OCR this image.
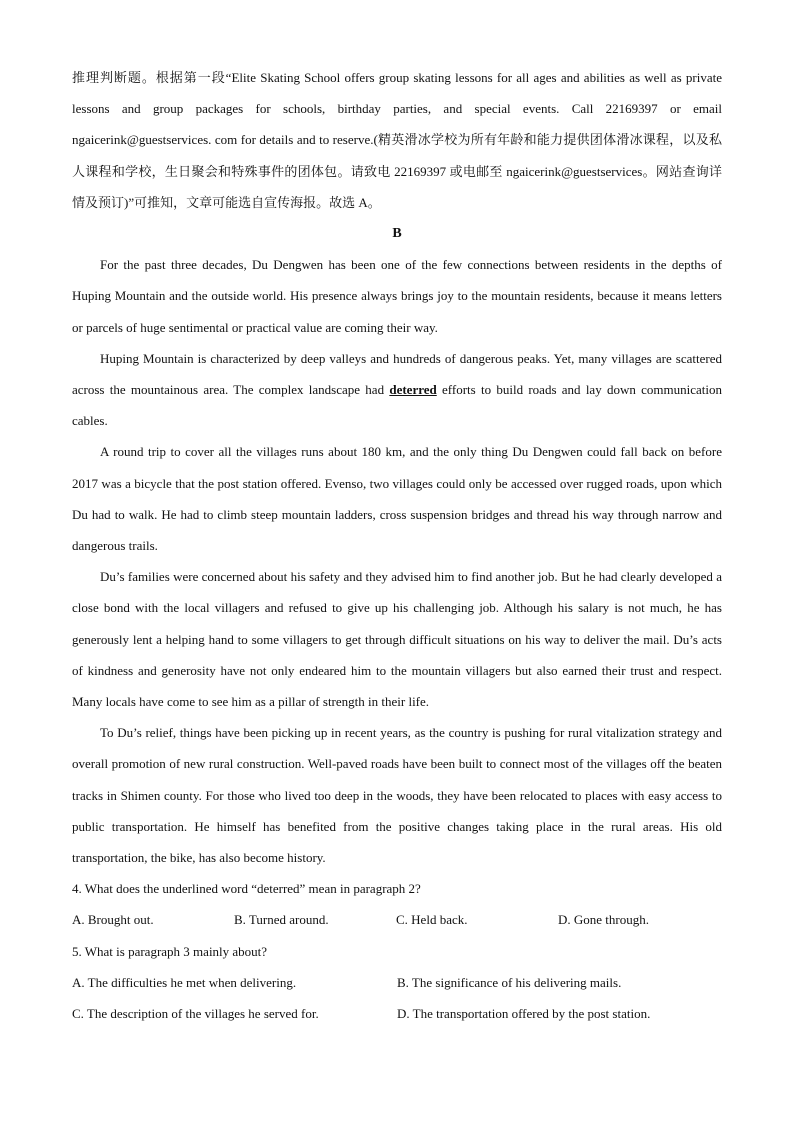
推理判断题。根据第一段“Elite Skating School offers group skating lessons for all ages and abilities as well as private lessons and group packages for schools, birthday parties, and special events. Call 22169397 or email ngaicerink@guestservices. com for details and to reserve.(精英滑冰学校为所有年龄和能力提供团体滑冰课程，以及私人课程和学校，生日聚会和特殊事件的团体包。请致电 22169397 或电邮至 ngaicerink@guestservices。网站查询详情及预订)”可推知，文章可能选自宣传海报。故选 A。

B

For the past three decades, Du Dengwen has been one of the few connections between residents in the depths of Huping Mountain and the outside world. His presence always brings joy to the mountain residents, because it means letters or parcels of huge sentimental or practical value are coming their way.

Huping Mountain is characterized by deep valleys and hundreds of dangerous peaks. Yet, many villages are scattered across the mountainous area. The complex landscape had deterred efforts to build roads and lay down communication cables.

A round trip to cover all the villages runs about 180 km, and the only thing Du Dengwen could fall back on before 2017 was a bicycle that the post station offered. Evenso, two villages could only be accessed over rugged roads, upon which Du had to walk. He had to climb steep mountain ladders, cross suspension bridges and thread his way through narrow and dangerous trails.

Du’s families were concerned about his safety and they advised him to find another job. But he had clearly developed a close bond with the local villagers and refused to give up his challenging job. Although his salary is not much, he has generously lent a helping hand to some villagers to get through difficult situations on his way to deliver the mail. Du’s acts of kindness and generosity have not only endeared him to the mountain villagers but also earned their trust and respect. Many locals have come to see him as a pillar of strength in their life.

To Du’s relief, things have been picking up in recent years, as the country is pushing for rural vitalization strategy and overall promotion of new rural construction. Well-paved roads have been built to connect most of the villages off the beaten tracks in Shimen county. For those who lived too deep in the woods, they have been relocated to places with easy access to public transportation. He himself has benefited from the positive changes taking place in the rural areas. His old transportation, the bike, has also become history.

4. What does the underlined word “deterred” mean in paragraph 2?

A. Brought out.	B. Turned around.	C. Held back.	D. Gone through.

5. What is paragraph 3 mainly about?

A. The difficulties he met when delivering.	B. The significance of his delivering mails.
C. The description of the villages he served for.	D. The transportation offered by the post station.
